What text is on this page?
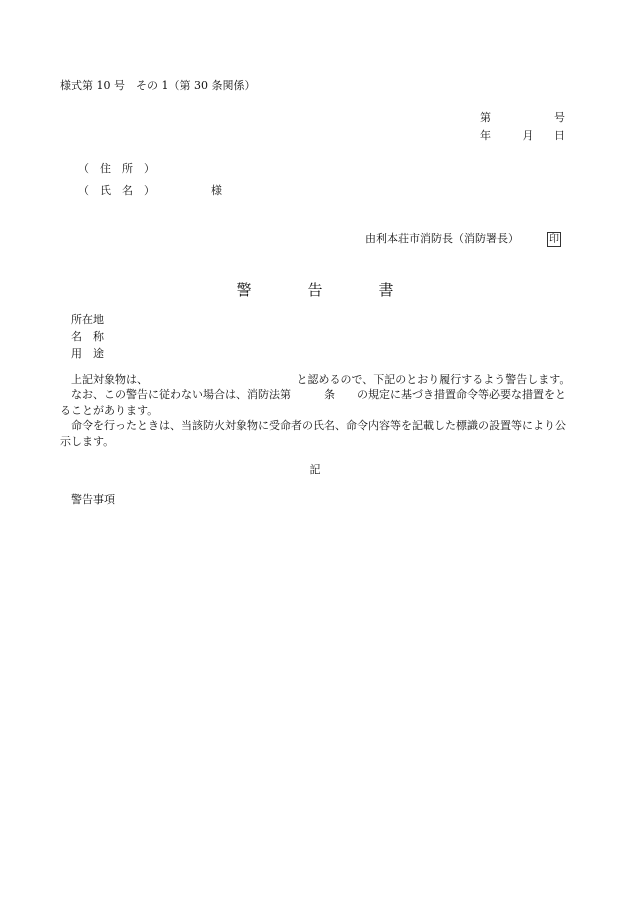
様式第 10 号　その 1（第 30 条関係）
第	号
年	月	日
（　住　所　）
（　氏　名　）	様
由利本荘市消防長（消防署長）	印
警	告	書
所在地
名　称
用　途

上記対象物は、　　　　　　　　　　　　　　と認めるので、下記のとおり履行するよう警告します。

なお、この警告に従わない場合は、消防法第　　　条　　の規定に基づき措置命令等必要な措置をとることがあります。

命令を行ったときは、当該防火対象物に受命者の氏名、命令内容等を記載した標識の設置等により公示します。

記
警告事項
